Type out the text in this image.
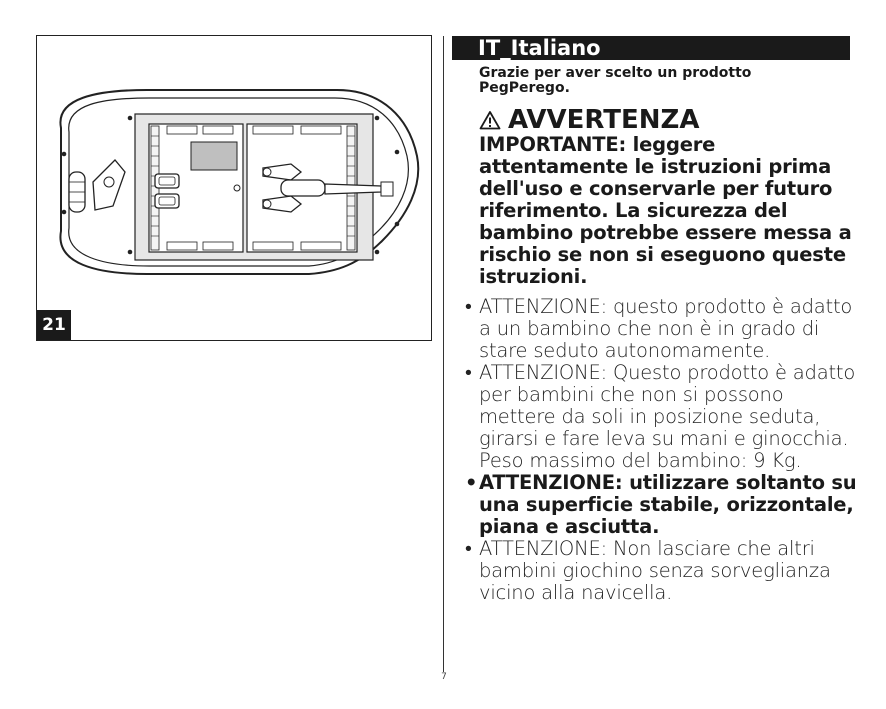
21
IT_Italiano
Grazie per aver scelto un prodotto PegPerego.
AVVERTENZA
IMPORTANTE: leggere attentamente le istruzioni prima dell'uso e conservarle per futuro riferimento. La sicurezza del bambino potrebbe essere messa a rischio se non si eseguono queste istruzioni.
• ATTENZIONE: questo prodotto è adatto a un bambino che non è in grado di stare seduto autonomamente.
• ATTENZIONE: Questo prodotto è adatto per bambini che non si possono mettere da soli in posizione seduta, girarsi e fare leva su mani e ginocchia. Peso massimo del bambino: 9 Kg.
• ATTENZIONE: utilizzare soltanto su una superficie stabile, orizzontale, piana e asciutta.
• ATTENZIONE: Non lasciare che altri bambini giochino senza sorveglianza vicino alla navicella.
7
